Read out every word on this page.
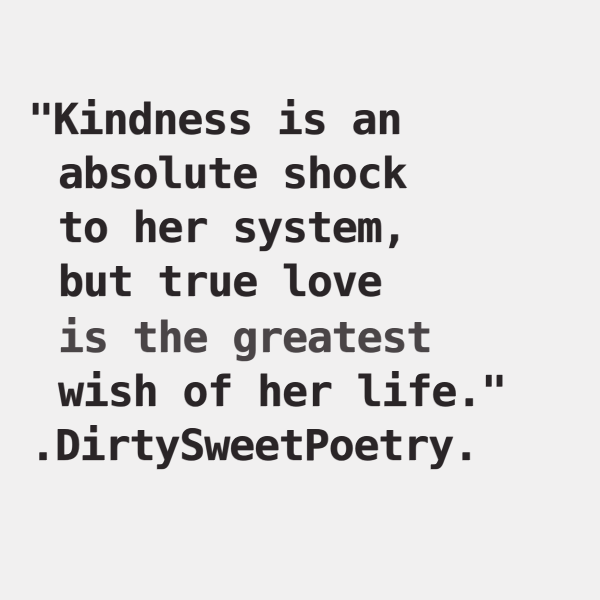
"Kindness is an

absolute shock

to her system,

but true love

is the greatest

wish of her life."

.DirtySweetPoetry.
